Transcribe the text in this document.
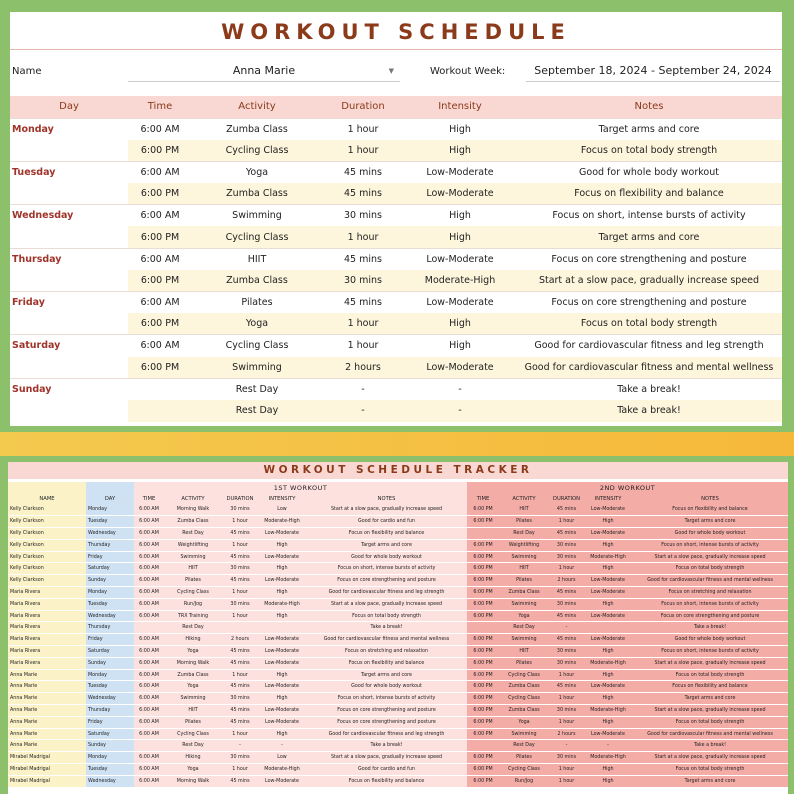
WORKOUT SCHEDULE
Name	Anna Marie	▼	Workout Week:	September 18, 2024 - September 24, 2024
Day	Time	Activity	Duration	Intensity	Notes
Monday	6:00 AM	Zumba Class	1 hour	High	Target arms and core
	6:00 PM	Cycling Class	1 hour	High	Focus on total body strength
Tuesday	6:00 AM	Yoga	45 mins	Low-Moderate	Good for whole body workout
	6:00 PM	Zumba Class	45 mins	Low-Moderate	Focus on flexibility and balance
Wednesday	6:00 AM	Swimming	30 mins	High	Focus on short, intense bursts of activity
	6:00 PM	Cycling Class	1 hour	High	Target arms and core
Thursday	6:00 AM	HIIT	45 mins	Low-Moderate	Focus on core strengthening and posture
	6:00 PM	Zumba Class	30 mins	Moderate-High	Start at a slow pace, gradually increase speed
Friday	6:00 AM	Pilates	45 mins	Low-Moderate	Focus on core strengthening and posture
	6:00 PM	Yoga	1 hour	High	Focus on total body strength
Saturday	6:00 AM	Cycling Class	1 hour	High	Good for cardiovascular fitness and leg strength
	6:00 PM	Swimming	2 hours	Low-Moderate	Good for cardiovascular fitness and mental wellness
Sunday		Rest Day	-	-	Take a break!
		Rest Day	-	-	Take a break!
WORKOUT SCHEDULE TRACKER
		1ST WORKOUT					2ND WORKOUT				
NAME	DAY	TIME	ACTIVITY	DURATION	INTENSITY	NOTES	TIME	ACTIVITY	DURATION	INTENSITY	NOTES
Kelly Clarkson	Monday	6:00 AM	Morning Walk	30 mins	Low	Start at a slow pace, gradually increase speed	6:00 PM	HIIT	45 mins	Low-Moderate	Focus on flexibility and balance
Kelly Clarkson	Tuesday	6:00 AM	Zumba Class	1 hour	Moderate-High	Good for cardio and fun	6:00 PM	Pilates	1 hour	High	Target arms and core
Kelly Clarkson	Wednesday	6:00 AM	Rest Day	45 mins	Low-Moderate	Focus on flexibility and balance		Rest Day	45 mins	Low-Moderate	Good for whole body workout
Kelly Clarkson	Thursday	6:00 AM	Weightlifting	1 hour	High	Target arms and core	6:00 PM	Weightlifting	30 mins	High	Focus on short, intense bursts of activity
Kelly Clarkson	Friday	6:00 AM	Swimming	45 mins	Low-Moderate	Good for whole body workout	6:00 PM	Swimming	30 mins	Moderate-High	Start at a slow pace, gradually increase speed
Kelly Clarkson	Saturday	6:00 AM	HIIT	30 mins	High	Focus on short, intense bursts of activity	6:00 PM	HIIT	1 hour	High	Focus on total body strength
Kelly Clarkson	Sunday	6:00 AM	Pilates	45 mins	Low-Moderate	Focus on core strengthening and posture	6:00 PM	Pilates	2 hours	Low-Moderate	Good for cardiovascular fitness and mental wellness
Maria Rivera	Monday	6:00 AM	Cycling Class	1 hour	High	Good for cardiovascular fitness and leg strength	6:00 PM	Zumba Class	45 mins	Low-Moderate	Focus on stretching and relaxation
Maria Rivera	Tuesday	6:00 AM	Run/Jog	30 mins	Moderate-High	Start at a slow pace, gradually increase speed	6:00 PM	Swimming	30 mins	High	Focus on short, intense bursts of activity
Maria Rivera	Wednesday	6:00 AM	TRX Training	1 hour	High	Focus on total body strength	6:00 PM	Yoga	45 mins	Low-Moderate	Focus on core strengthening and posture
Maria Rivera	Thursday		Rest Day			Take a break!		Rest Day	-		Take a break!
Maria Rivera	Friday	6:00 AM	Hiking	2 hours	Low-Moderate	Good for cardiovascular fitness and mental wellness	6:00 PM	Swimming	45 mins	Low-Moderate	Good for whole body workout
Maria Rivera	Saturday	6:00 AM	Yoga	45 mins	Low-Moderate	Focus on stretching and relaxation	6:00 PM	HIIT	30 mins	High	Focus on short, intense bursts of activity
Maria Rivera	Sunday	6:00 AM	Morning Walk	45 mins	Low-Moderate	Focus on flexibility and balance	6:00 PM	Pilates	30 mins	Moderate-High	Start at a slow pace, gradually increase speed
Anna Marie	Monday	6:00 AM	Zumba Class	1 hour	High	Target arms and core	6:00 PM	Cycling Class	1 hour	High	Focus on total body strength
Anna Marie	Tuesday	6:00 AM	Yoga	45 mins	Low-Moderate	Good for whole body workout	6:00 PM	Zumba Class	45 mins	Low-Moderate	Focus on flexibility and balance
Anna Marie	Wednesday	6:00 AM	Swimming	30 mins	High	Focus on short, intense bursts of activity	6:00 PM	Cycling Class	1 hour	High	Target arms and core
Anna Marie	Thursday	6:00 AM	HIIT	45 mins	Low-Moderate	Focus on core strengthening and posture	6:00 PM	Zumba Class	30 mins	Moderate-High	Start at a slow pace, gradually increase speed
Anna Marie	Friday	6:00 AM	Pilates	45 mins	Low-Moderate	Focus on core strengthening and posture	6:00 PM	Yoga	1 hour	High	Focus on total body strength
Anna Marie	Saturday	6:00 AM	Cycling Class	1 hour	High	Good for cardiovascular fitness and leg strength	6:00 PM	Swimming	2 hours	Low-Moderate	Good for cardiovascular fitness and mental wellness
Anna Marie	Sunday		Rest Day	-	-	Take a break!		Rest Day	-	-	Take a break!
Mirabel Madrigal	Monday	6:00 AM	Hiking	30 mins	Low	Start at a slow pace, gradually increase speed	6:00 PM	Pilates	30 mins	Moderate-High	Start at a slow pace, gradually increase speed
Mirabel Madrigal	Tuesday	6:00 AM	Yoga	1 hour	Moderate-High	Good for cardio and fun	6:00 PM	Cycling Class	1 hour	High	Focus on total body strength
Mirabel Madrigal	Wednesday	6:00 AM	Morning Walk	45 mins	Low-Moderate	Focus on flexibility and balance	6:00 PM	Run/Jog	1 hour	High	Target arms and core
